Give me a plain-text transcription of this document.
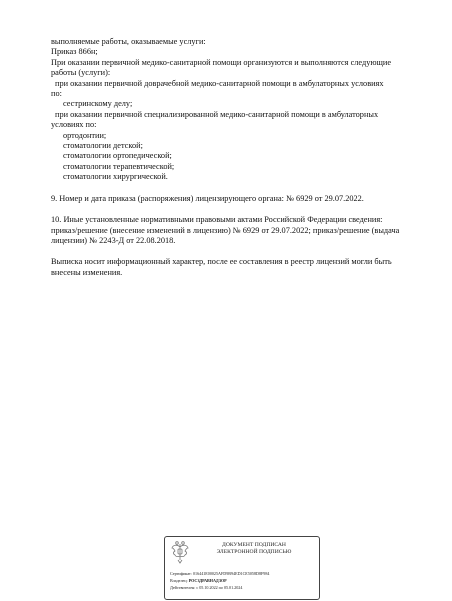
выполняемые работы, оказываемые услуги:
Приказ 866н;
При оказании первичной медико-санитарной помощи организуются и выполняются следующие
работы (услуги):
при оказании первичной доврачебной медико-санитарной помощи в амбулаторных условиях
по:
сестринскому делу;
при оказании первичной специализированной медико-санитарной помощи в амбулаторных
условиях по:
ортодонтии;
стоматологии детской;
стоматологии ортопедической;
стоматологии терапевтической;
стоматологии хирургической.
9. Номер и дата приказа (распоряжения) лицензирующего органа: № 6929 от 29.07.2022.
10. Иные установленные нормативными правовыми актами Российской Федерации сведения:
приказ/решение (внесение изменений в лицензию) № 6929 от 29.07.2022; приказ/решение (выдача
лицензии) № 2243-Д от 22.08.2018.
Выписка носит информационный характер, после ее составления в реестр лицензий могли быть
внесены изменения.
ДОКУМЕНТ ПОДПИСАН
ЭЛЕКТРОННОЙ ПОДПИСЬЮ
Сертификат: 016441E00025AFD9B94ED1CE5058D8F984
Владелец: РОСЗДРАВНАДЗОР
Действителен: с 05.10.2022 по 05.01.2024
